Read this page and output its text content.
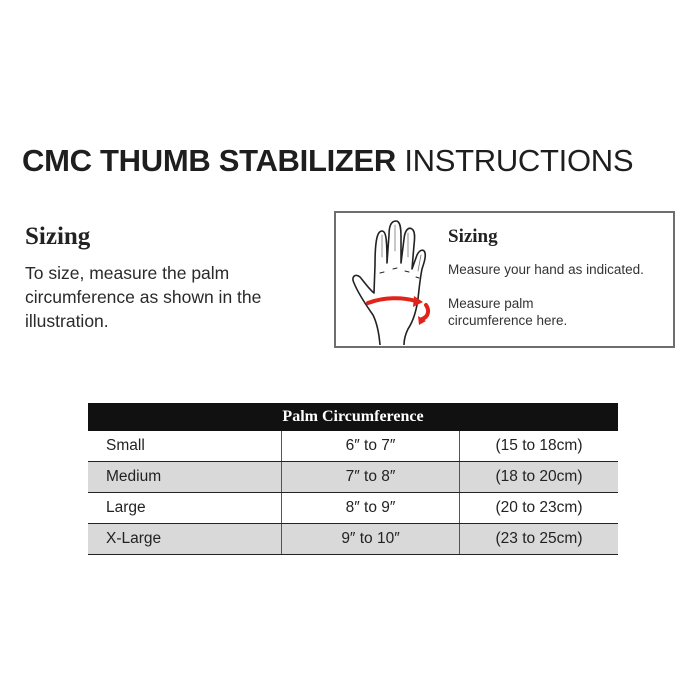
CMC THUMB STABILIZER INSTRUCTIONS
Sizing
To size, measure the palm circumference as shown in the illustration.
Sizing
Measure your hand as indicated.
Measure palm circumference here.
Palm Circumference		
Small	6″ to 7″	(15 to 18cm)
Medium	7″ to 8″	(18 to 20cm)
Large	8″ to 9″	(20 to 23cm)
X-Large	9″ to 10″	(23 to 25cm)
